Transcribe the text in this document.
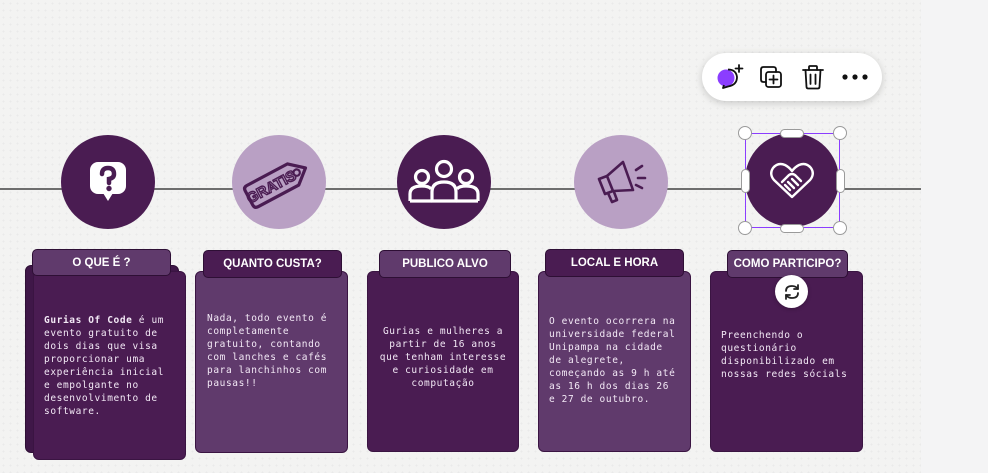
Gurias Of Code é um evento gratuito de dois dias que visa proporcionar uma experiência inicial e empolgante no desenvolvimento de software.
O QUE É ?
GRATIS
Nada, todo evento é completamente gratuito, contando com lanches e cafés para lanchinhos com pausas!!
QUANTO CUSTA?
Gurias e mulheres a partir de 16 anos que tenham interesse e curiosidade em computação
PUBLICO ALVO
O evento ocorrera na universidade federal Unipampa na cidade de alegrete, começando as 9 h até as 16 h dos dias 26 e 27 de outubro.
LOCAL E HORA
Preenchendo o questionário disponibilizado em nossas redes sócials
COMO PARTICIPO?
